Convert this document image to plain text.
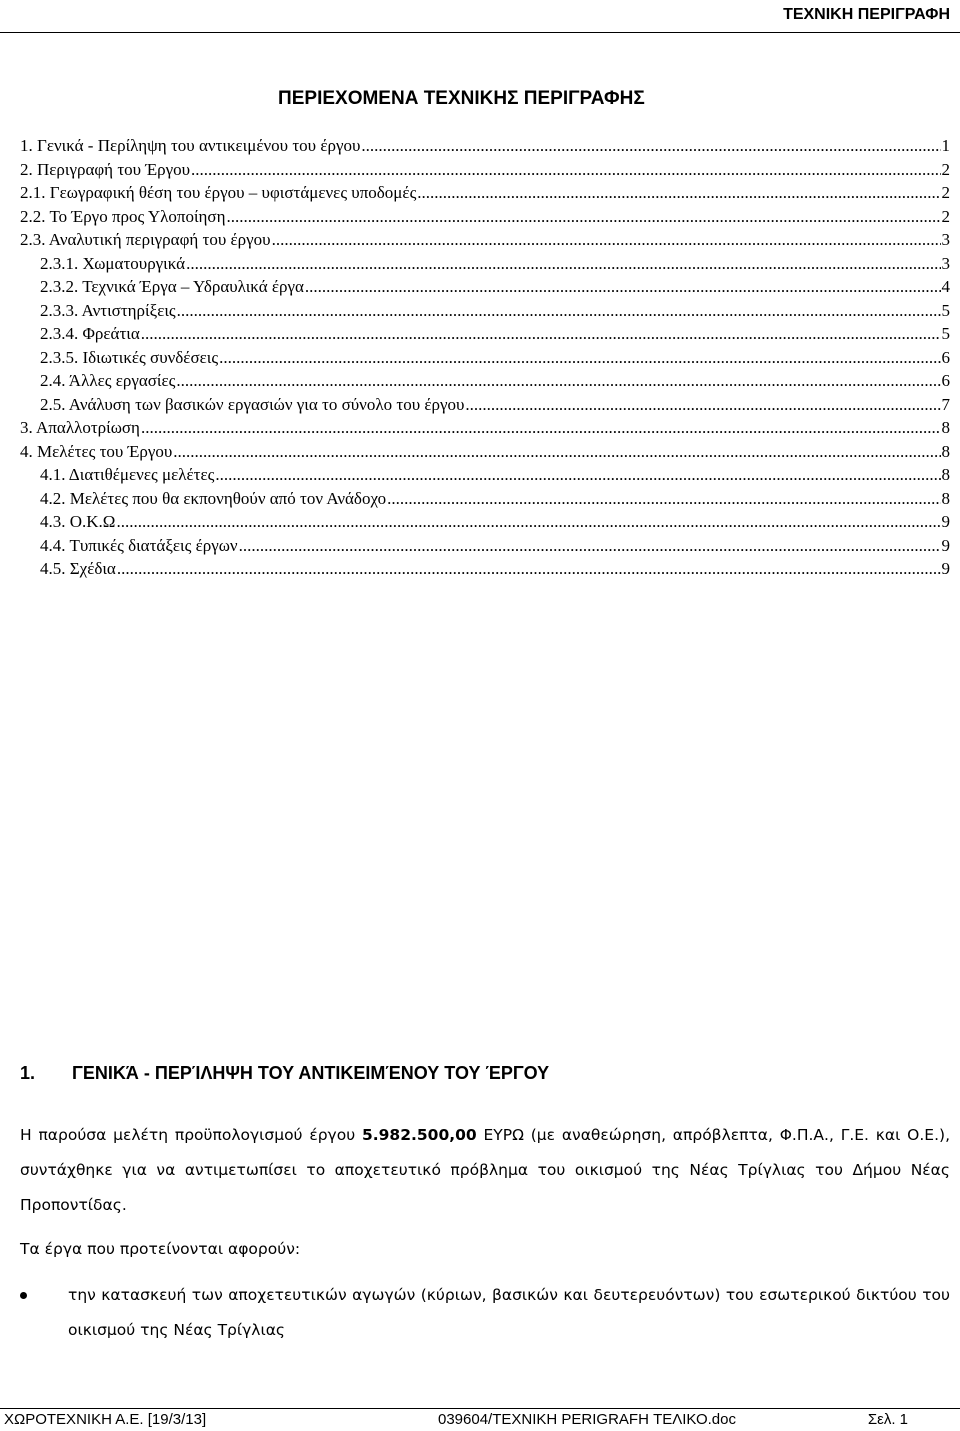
ΤΕΧΝΙΚΗ ΠΕΡΙΓΡΑΦΗ
ΠΕΡΙΕΧΟΜΕΝΑ ΤΕΧΝΙΚΗΣ ΠΕΡΙΓΡΑΦΗΣ
1. Γενικά - Περίληψη του αντικειμένου του έργου .....	1
2. Περιγραφή του Έργου .....	2
2.1. Γεωγραφική θέση του έργου – υφιστάμενες υποδομές .....	2
2.2. Το Έργο προς Υλοποίηση .....	2
2.3. Αναλυτική περιγραφή του έργου .....	3
2.3.1. Χωματουργικά .....	3
2.3.2. Τεχνικά Έργα – Υδραυλικά έργα .....	4
2.3.3. Αντιστηρίξεις .....	5
2.3.4. Φρεάτια .....	5
2.3.5. Ιδιωτικές συνδέσεις .....	6
2.4. Άλλες εργασίες .....	6
2.5. Ανάλυση των βασικών εργασιών για το σύνολο του έργου .....	7
3. Απαλλοτρίωση .....	8
4. Μελέτες του Έργου .....	8
4.1. Διατιθέμενες μελέτες .....	8
4.2. Μελέτες που θα εκπονηθούν από τον Ανάδοχο .....	8
4.3. Ο.Κ.Ω .....	9
4.4. Τυπικές διατάξεις έργων .....	9
4.5. Σχέδια .....	9
1. ΓΕΝΙΚΆ - ΠΕΡΊΛΗΨΗ ΤΟΥ ΑΝΤΙΚΕΙΜΈΝΟΥ ΤΟΥ ΈΡΓΟΥ

Η παρούσα μελέτη προϋπολογισμού έργου 5.982.500,00 ΕΥΡΩ (με αναθεώρηση, απρόβλεπτα, Φ.Π.Α., Γ.Ε. και Ο.Ε.), συντάχθηκε για να αντιμετωπίσει το αποχετευτικό πρόβλημα του οικισμού της Νέας Τρίγλιας του Δήμου Νέας Προποντίδας.

Τα έργα που προτείνονται αφορούν:

την κατασκευή των αποχετευτικών αγωγών (κύριων, βασικών και δευτερευόντων) του εσωτερικού δικτύου του οικισμού της Νέας Τρίγλιας
ΧΩΡΟΤΕΧΝΙΚΗ Α.Ε. [19/3/13]	039604/ΤΕΧΝΙΚΗ PERIGRAFH ΤΕΛΙΚΟ.doc	Σελ. 1
